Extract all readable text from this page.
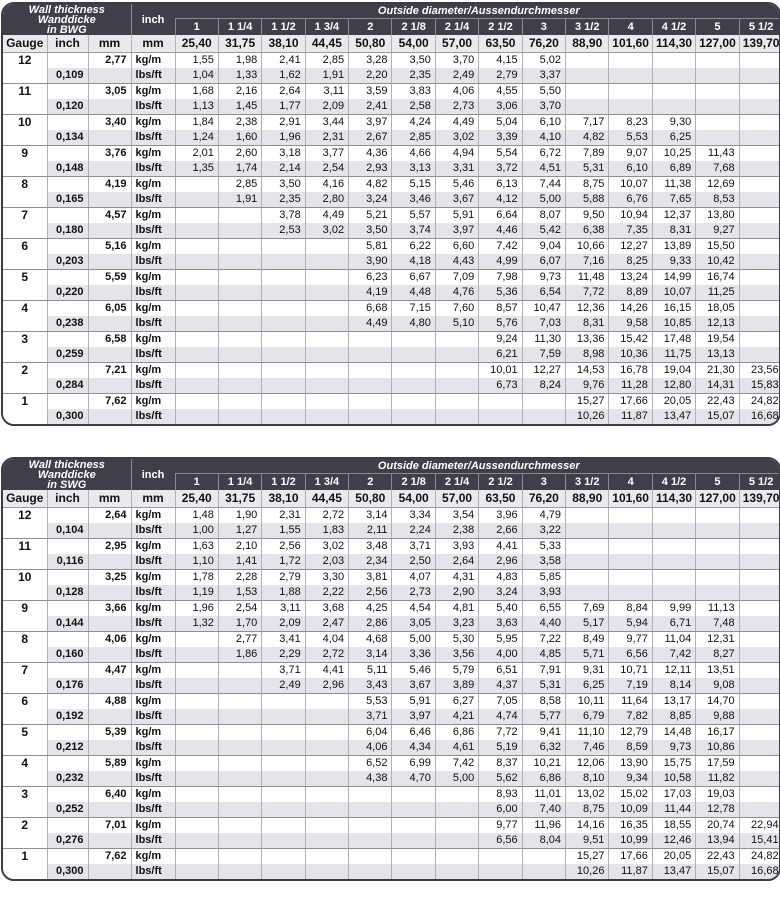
Wall thickness
Wanddicke
in BWG			inch	Outside diameter/Aussendurchmesser													
				1	1 1/4	1 1/2	1 3/4	2	2 1/8	2 1/4	2 1/2	3	3 1/2	4	4 1/2	5	5 1/2
Gauge	inch	mm	mm	25,40	31,75	38,10	44,45	50,80	54,00	57,00	63,50	76,20	88,90	101,60	114,30	127,00	139,70
12		2,77	kg/m	1,55	1,98	2,41	2,85	3,28	3,50	3,70	4,15	5,02					
	0,109		lbs/ft	1,04	1,33	1,62	1,91	2,20	2,35	2,49	2,79	3,37					
11		3,05	kg/m	1,68	2,16	2,64	3,11	3,59	3,83	4,06	4,55	5,50					
	0,120		lbs/ft	1,13	1,45	1,77	2,09	2,41	2,58	2,73	3,06	3,70					
10		3,40	kg/m	1,84	2,38	2,91	3,44	3,97	4,24	4,49	5,04	6,10	7,17	8,23	9,30		
	0,134		lbs/ft	1,24	1,60	1,96	2,31	2,67	2,85	3,02	3,39	4,10	4,82	5,53	6,25		
9		3,76	kg/m	2,01	2,60	3,18	3,77	4,36	4,66	4,94	5,54	6,72	7,89	9,07	10,25	11,43	
	0,148		lbs/ft	1,35	1,74	2,14	2,54	2,93	3,13	3,31	3,72	4,51	5,31	6,10	6,89	7,68	
8		4,19	kg/m		2,85	3,50	4,16	4,82	5,15	5,46	6,13	7,44	8,75	10,07	11,38	12,69	
	0,165		lbs/ft		1,91	2,35	2,80	3,24	3,46	3,67	4,12	5,00	5,88	6,76	7,65	8,53	
7		4,57	kg/m			3,78	4,49	5,21	5,57	5,91	6,64	8,07	9,50	10,94	12,37	13,80	
	0,180		lbs/ft			2,53	3,02	3,50	3,74	3,97	4,46	5,42	6,38	7,35	8,31	9,27	
6		5,16	kg/m					5,81	6,22	6,60	7,42	9,04	10,66	12,27	13,89	15,50	
	0,203		lbs/ft					3,90	4,18	4,43	4,99	6,07	7,16	8,25	9,33	10,42	
5		5,59	kg/m					6,23	6,67	7,09	7,98	9,73	11,48	13,24	14,99	16,74	
	0,220		lbs/ft					4,19	4,48	4,76	5,36	6,54	7,72	8,89	10,07	11,25	
4		6,05	kg/m					6,68	7,15	7,60	8,57	10,47	12,36	14,26	16,15	18,05	
	0,238		lbs/ft					4,49	4,80	5,10	5,76	7,03	8,31	9,58	10,85	12,13	
3		6,58	kg/m								9,24	11,30	13,36	15,42	17,48	19,54	
	0,259		lbs/ft								6,21	7,59	8,98	10,36	11,75	13,13	
2		7,21	kg/m								10,01	12,27	14,53	16,78	19,04	21,30	23,56
	0,284		lbs/ft								6,73	8,24	9,76	11,28	12,80	14,31	15,83
1		7,62	kg/m										15,27	17,66	20,05	22,43	24,82
	0,300		lbs/ft										10,26	11,87	13,47	15,07	16,68
Wall thickness
Wanddicke
in SWG			inch	Outside diameter/Aussendurchmesser													
				1	1 1/4	1 1/2	1 3/4	2	2 1/8	2 1/4	2 1/2	3	3 1/2	4	4 1/2	5	5 1/2
Gauge	inch	mm	mm	25,40	31,75	38,10	44,45	50,80	54,00	57,00	63,50	76,20	88,90	101,60	114,30	127,00	139,70
12		2,64	kg/m	1,48	1,90	2,31	2,72	3,14	3,34	3,54	3,96	4,79					
	0,104		lbs/ft	1,00	1,27	1,55	1,83	2,11	2,24	2,38	2,66	3,22					
11		2,95	kg/m	1,63	2,10	2,56	3,02	3,48	3,71	3,93	4,41	5,33					
	0,116		lbs/ft	1,10	1,41	1,72	2,03	2,34	2,50	2,64	2,96	3,58					
10		3,25	kg/m	1,78	2,28	2,79	3,30	3,81	4,07	4,31	4,83	5,85					
	0,128		lbs/ft	1,19	1,53	1,88	2,22	2,56	2,73	2,90	3,24	3,93					
9		3,66	kg/m	1,96	2,54	3,11	3,68	4,25	4,54	4,81	5,40	6,55	7,69	8,84	9,99	11,13	
	0,144		lbs/ft	1,32	1,70	2,09	2,47	2,86	3,05	3,23	3,63	4,40	5,17	5,94	6,71	7,48	
8		4,06	kg/m		2,77	3,41	4,04	4,68	5,00	5,30	5,95	7,22	8,49	9,77	11,04	12,31	
	0,160		lbs/ft		1,86	2,29	2,72	3,14	3,36	3,56	4,00	4,85	5,71	6,56	7,42	8,27	
7		4,47	kg/m			3,71	4,41	5,11	5,46	5,79	6,51	7,91	9,31	10,71	12,11	13,51	
	0,176		lbs/ft			2,49	2,96	3,43	3,67	3,89	4,37	5,31	6,25	7,19	8,14	9,08	
6		4,88	kg/m					5,53	5,91	6,27	7,05	8,58	10,11	11,64	13,17	14,70	
	0,192		lbs/ft					3,71	3,97	4,21	4,74	5,77	6,79	7,82	8,85	9,88	
5		5,39	kg/m					6,04	6,46	6,86	7,72	9,41	11,10	12,79	14,48	16,17	
	0,212		lbs/ft					4,06	4,34	4,61	5,19	6,32	7,46	8,59	9,73	10,86	
4		5,89	kg/m					6,52	6,99	7,42	8,37	10,21	12,06	13,90	15,75	17,59	
	0,232		lbs/ft					4,38	4,70	5,00	5,62	6,86	8,10	9,34	10,58	11,82	
3		6,40	kg/m								8,93	11,01	13,02	15,02	17,03	19,03	
	0,252		lbs/ft								6,00	7,40	8,75	10,09	11,44	12,78	
2		7,01	kg/m								9,77	11,96	14,16	16,35	18,55	20,74	22,94
	0,276		lbs/ft								6,56	8,04	9,51	10,99	12,46	13,94	15,41
1		7,62	kg/m										15,27	17,66	20,05	22,43	24,82
	0,300		lbs/ft										10,26	11,87	13,47	15,07	16,68
